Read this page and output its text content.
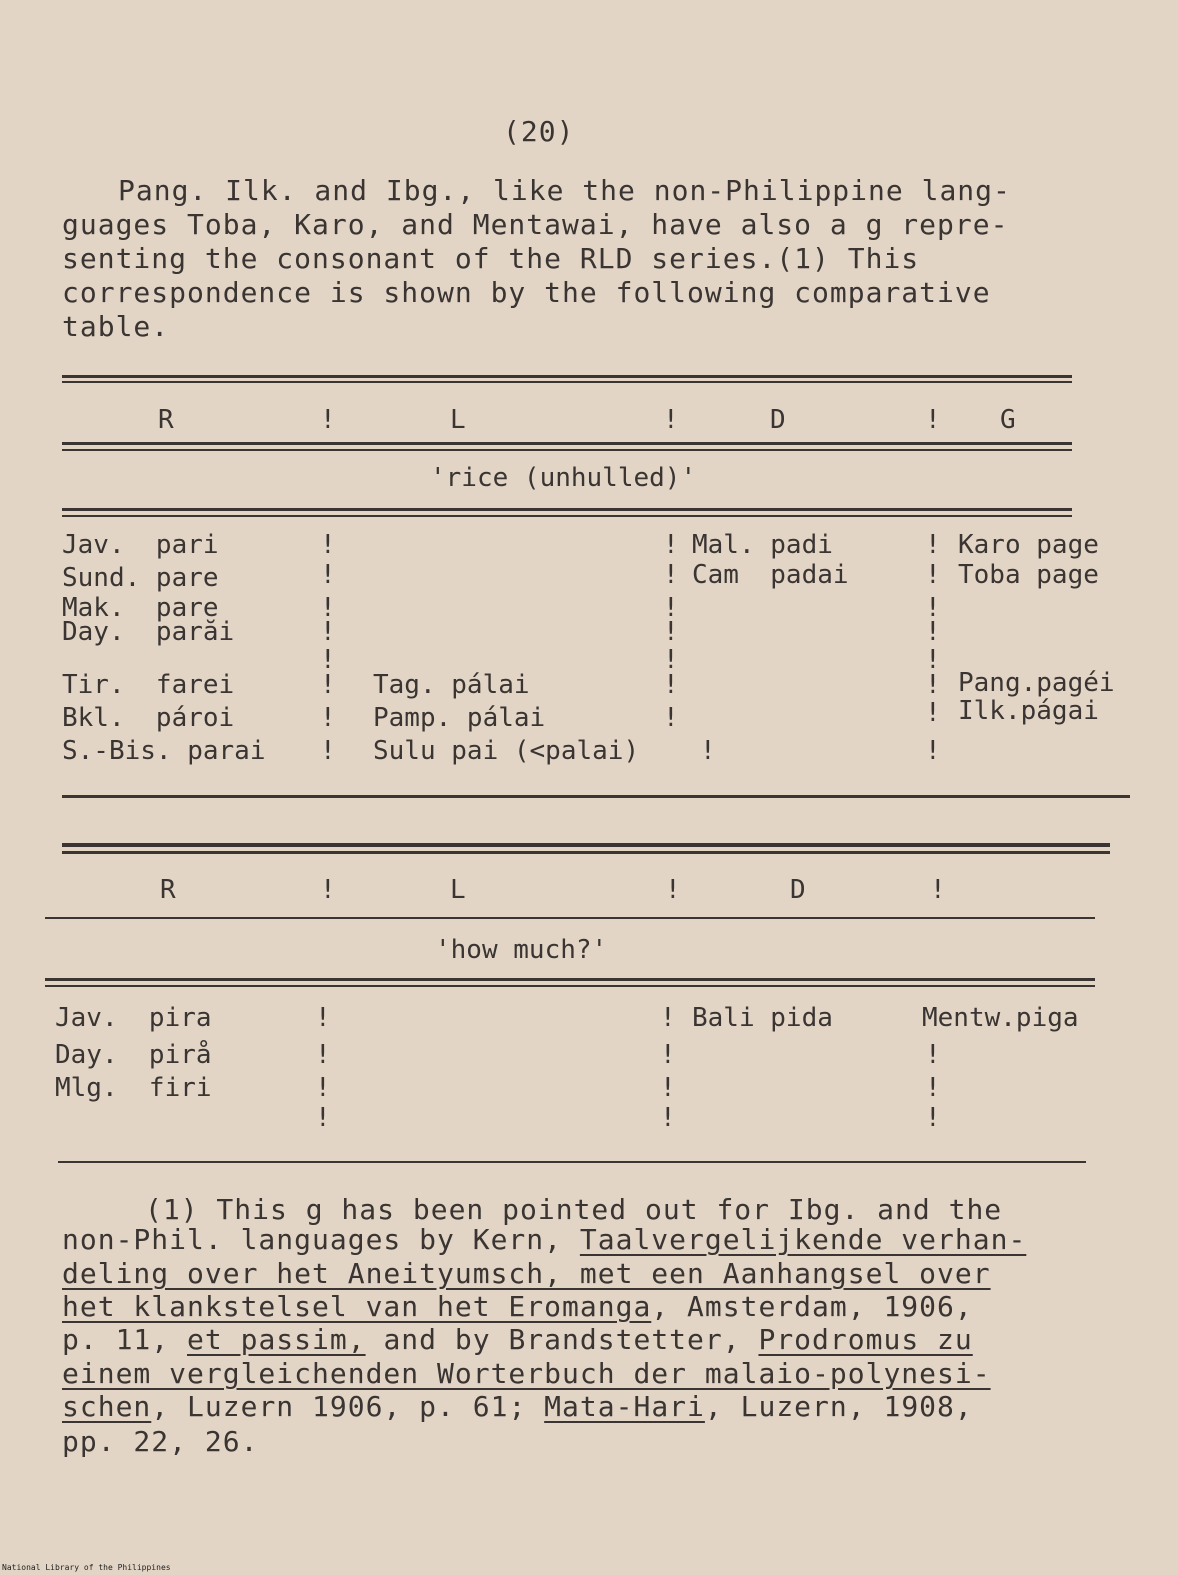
(20)
Pang. Ilk. and Ibg., like the non-Philippine lang-
guages Toba, Karo, and Mentawai, have also a g repre-
senting the consonant of the RLD series.(1) This
correspondence is shown by the following comparative
table.
R	!	L	!	D	! G
'rice (unhulled)'
Jav.  pari	!	! Mal. padi	! Karo page
Sund. pare	!	! Cam  padai	! Toba page
Mak.  pare	!	!	!
Day.  parăi	!	!	!
!	!	!
Tir.  farei	! Tag. pálai	!	! Pang.pagéi
Bkl.  pároi	! Pamp. pálai	!	! Ilk.págai
S.-Bis. parai ! Sulu pai (<palai) !	!
R	!	L	!	D	!
'how much?'
Jav.  pira	!	! Bali pida	Mentw.piga
Day.  pirå	!	!	!
Mlg.  firi	!	!	!
!	!	!
(1) This g has been pointed out for Ibg. and the
non-Phil. languages by Kern, Taalvergelijkende verhan-
deling over het Aneityumsch, met een Aanhangsel over
het klankstelsel van het Eromanga, Amsterdam, 1906,
p. 11, et passim, and by Brandstetter, Prodromus zu
einem vergleichenden Worterbuch der malaio-polynesi-
schen, Luzern 1906, p. 61; Mata-Hari, Luzern, 1908,
pp. 22, 26.
National Library of the Philippines
